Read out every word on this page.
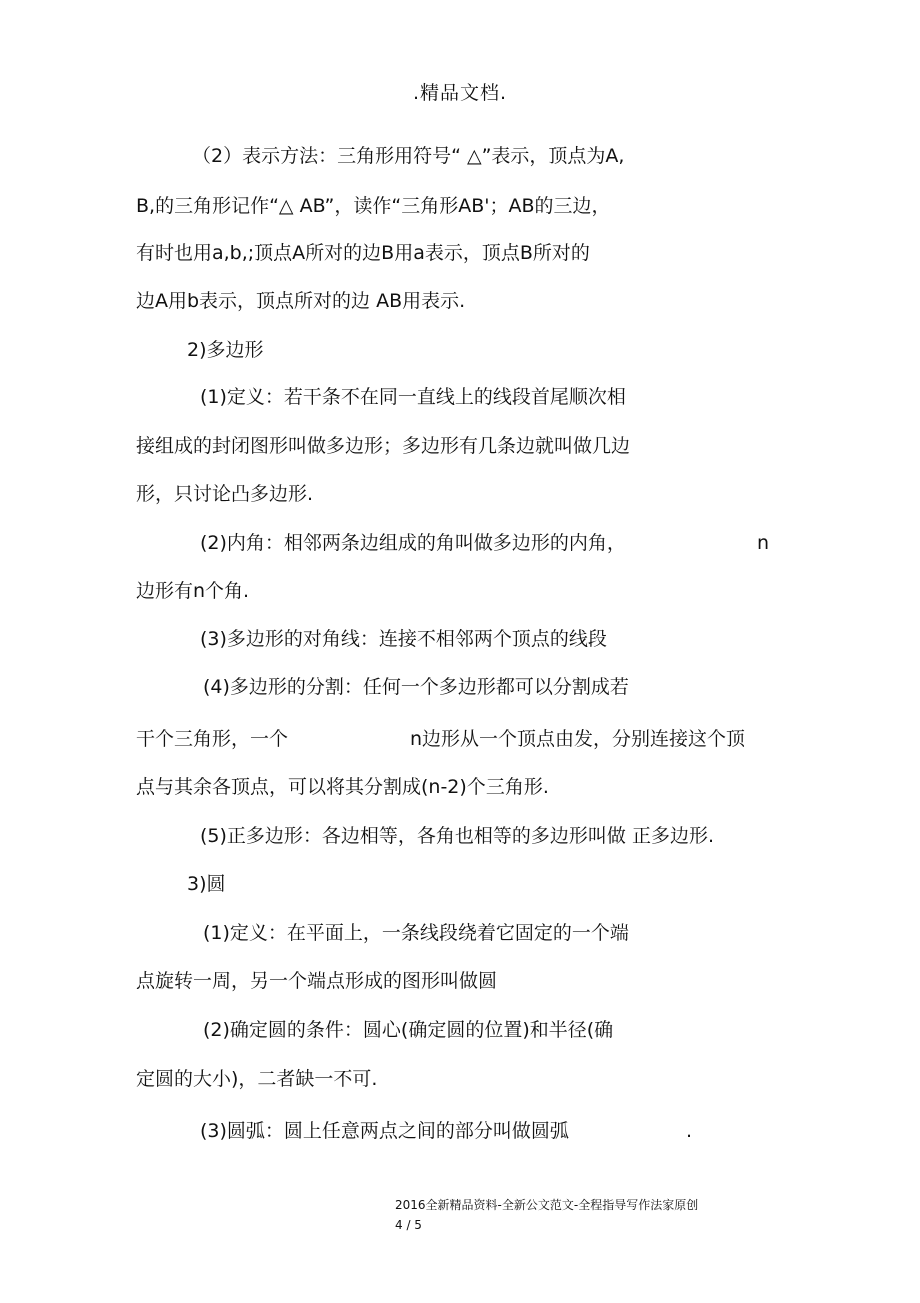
.精品文档.
（2）表示方法：三角形用符号“ △”表示，顶点为A,
B,的三角形记作“△ AB”，读作“三角形AB'；AB的三边，
有时也用a,b,;顶点A所对的边B用a表示，顶点B所对的
边A用b表示，顶点所对的边 AB用表示.
2)多边形
(1)定义：若干条不在同一直线上的线段首尾顺次相
接组成的封闭图形叫做多边形；多边形有几条边就叫做几边
形，只讨论凸多边形.
(2)内角：相邻两条边组成的角叫做多边形的内角，	n
边形有n个角.
(3)多边形的对角线：连接不相邻两个顶点的线段
(4)多边形的分割：任何一个多边形都可以分割成若
干个三角形，一个	n边形从一个顶点由发，分别连接这个顶
点与其余各顶点，可以将其分割成(n-2)个三角形.
(5)正多边形：各边相等，各角也相等的多边形叫做 正多边形.
3)圆
(1)定义：在平面上，一条线段绕着它固定的一个端
点旋转一周，另一个端点形成的图形叫做圆
(2)确定圆的条件：圆心(确定圆的位置)和半径(确
定圆的大小)，二者缺一不可.
(3)圆弧：圆上任意两点之间的部分叫做圆弧	.
2016全新精品资料-全新公文范文-全程指导写作法家原创
4 / 5
